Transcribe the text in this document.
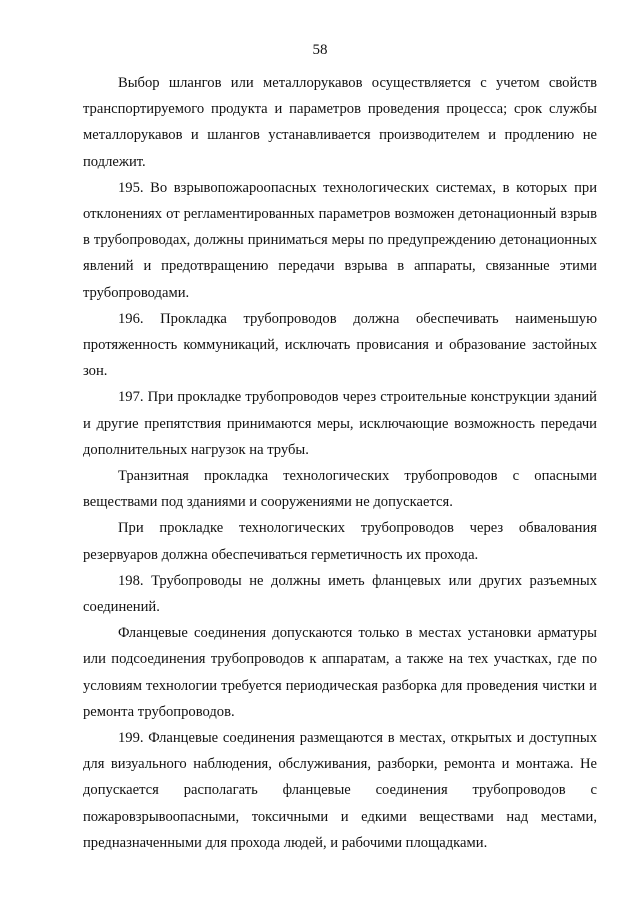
58

Выбор шлангов или металлорукавов осуществляется с учетом свойств транспортируемого продукта и параметров проведения процесса; срок службы металлорукавов и шлангов устанавливается производителем и продлению не подлежит.

195. Во взрывопожароопасных технологических системах, в которых при отклонениях от регламентированных параметров возможен детонационный взрыв в трубопроводах, должны приниматься меры по предупреждению детонационных явлений и предотвращению передачи взрыва в аппараты, связанные этими трубопроводами.

196. Прокладка трубопроводов должна обеспечивать наименьшую протяженность коммуникаций, исключать провисания и образование застойных зон.

197. При прокладке трубопроводов через строительные конструкции зданий и другие препятствия принимаются меры, исключающие возможность передачи дополнительных нагрузок на трубы.

Транзитная прокладка технологических трубопроводов с опасными веществами под зданиями и сооружениями не допускается.

При прокладке технологических трубопроводов через обвалования резервуаров должна обеспечиваться герметичность их прохода.

198. Трубопроводы не должны иметь фланцевых или других разъемных соединений.

Фланцевые соединения допускаются только в местах установки арматуры или подсоединения трубопроводов к аппаратам, а также на тех участках, где по условиям технологии требуется периодическая разборка для проведения чистки и ремонта трубопроводов.

199. Фланцевые соединения размещаются в местах, открытых и доступных для визуального наблюдения, обслуживания, разборки, ремонта и монтажа. Не допускается располагать фланцевые соединения трубопроводов с пожаровзрывоопасными, токсичными и едкими веществами над местами, предназначенными для прохода людей, и рабочими площадками.
